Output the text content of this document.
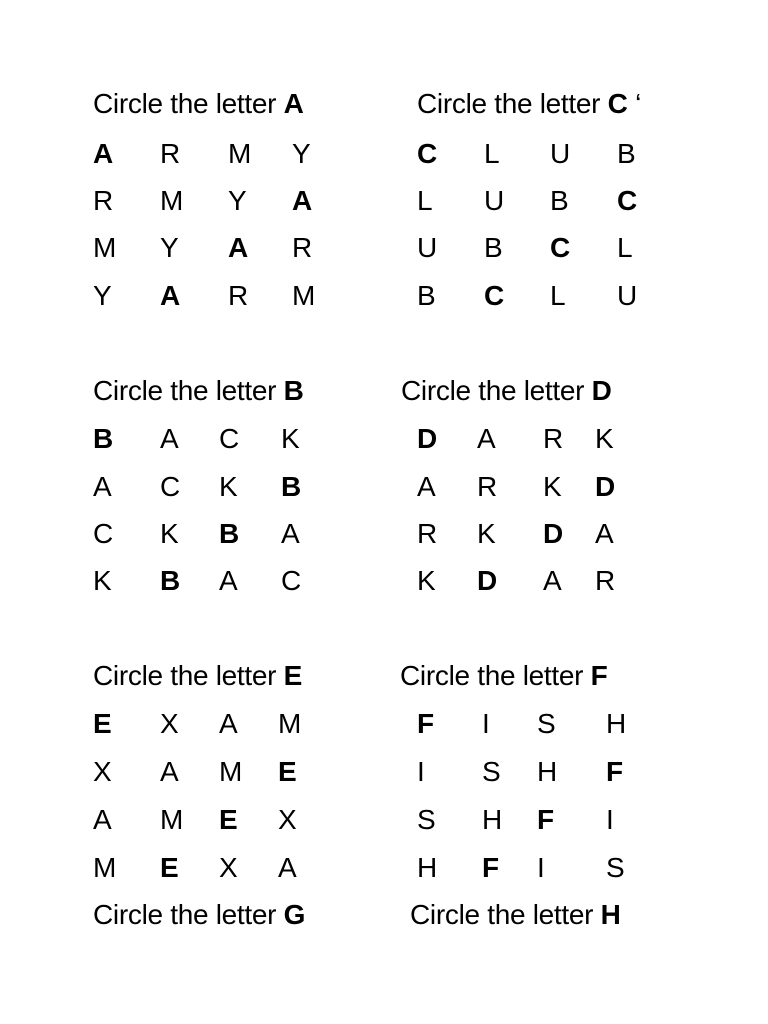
Circle the letter A
A R M Y
R M Y A
M Y A R
Y A R M
Circle the letter C ‘
C L U B
L U B C
U B C L
B C L U
Circle the letter B
B A C K
A C K B
C K B A
K B A C
Circle the letter D
D A R K
A R K D
R K D A
K D A R
Circle the letter E
E X A M
X A M E
A M E X
M E X A
Circle the letter F
F I S H
I S H F
S H F I
H F I S
Circle the letter G	Circle the letter H
